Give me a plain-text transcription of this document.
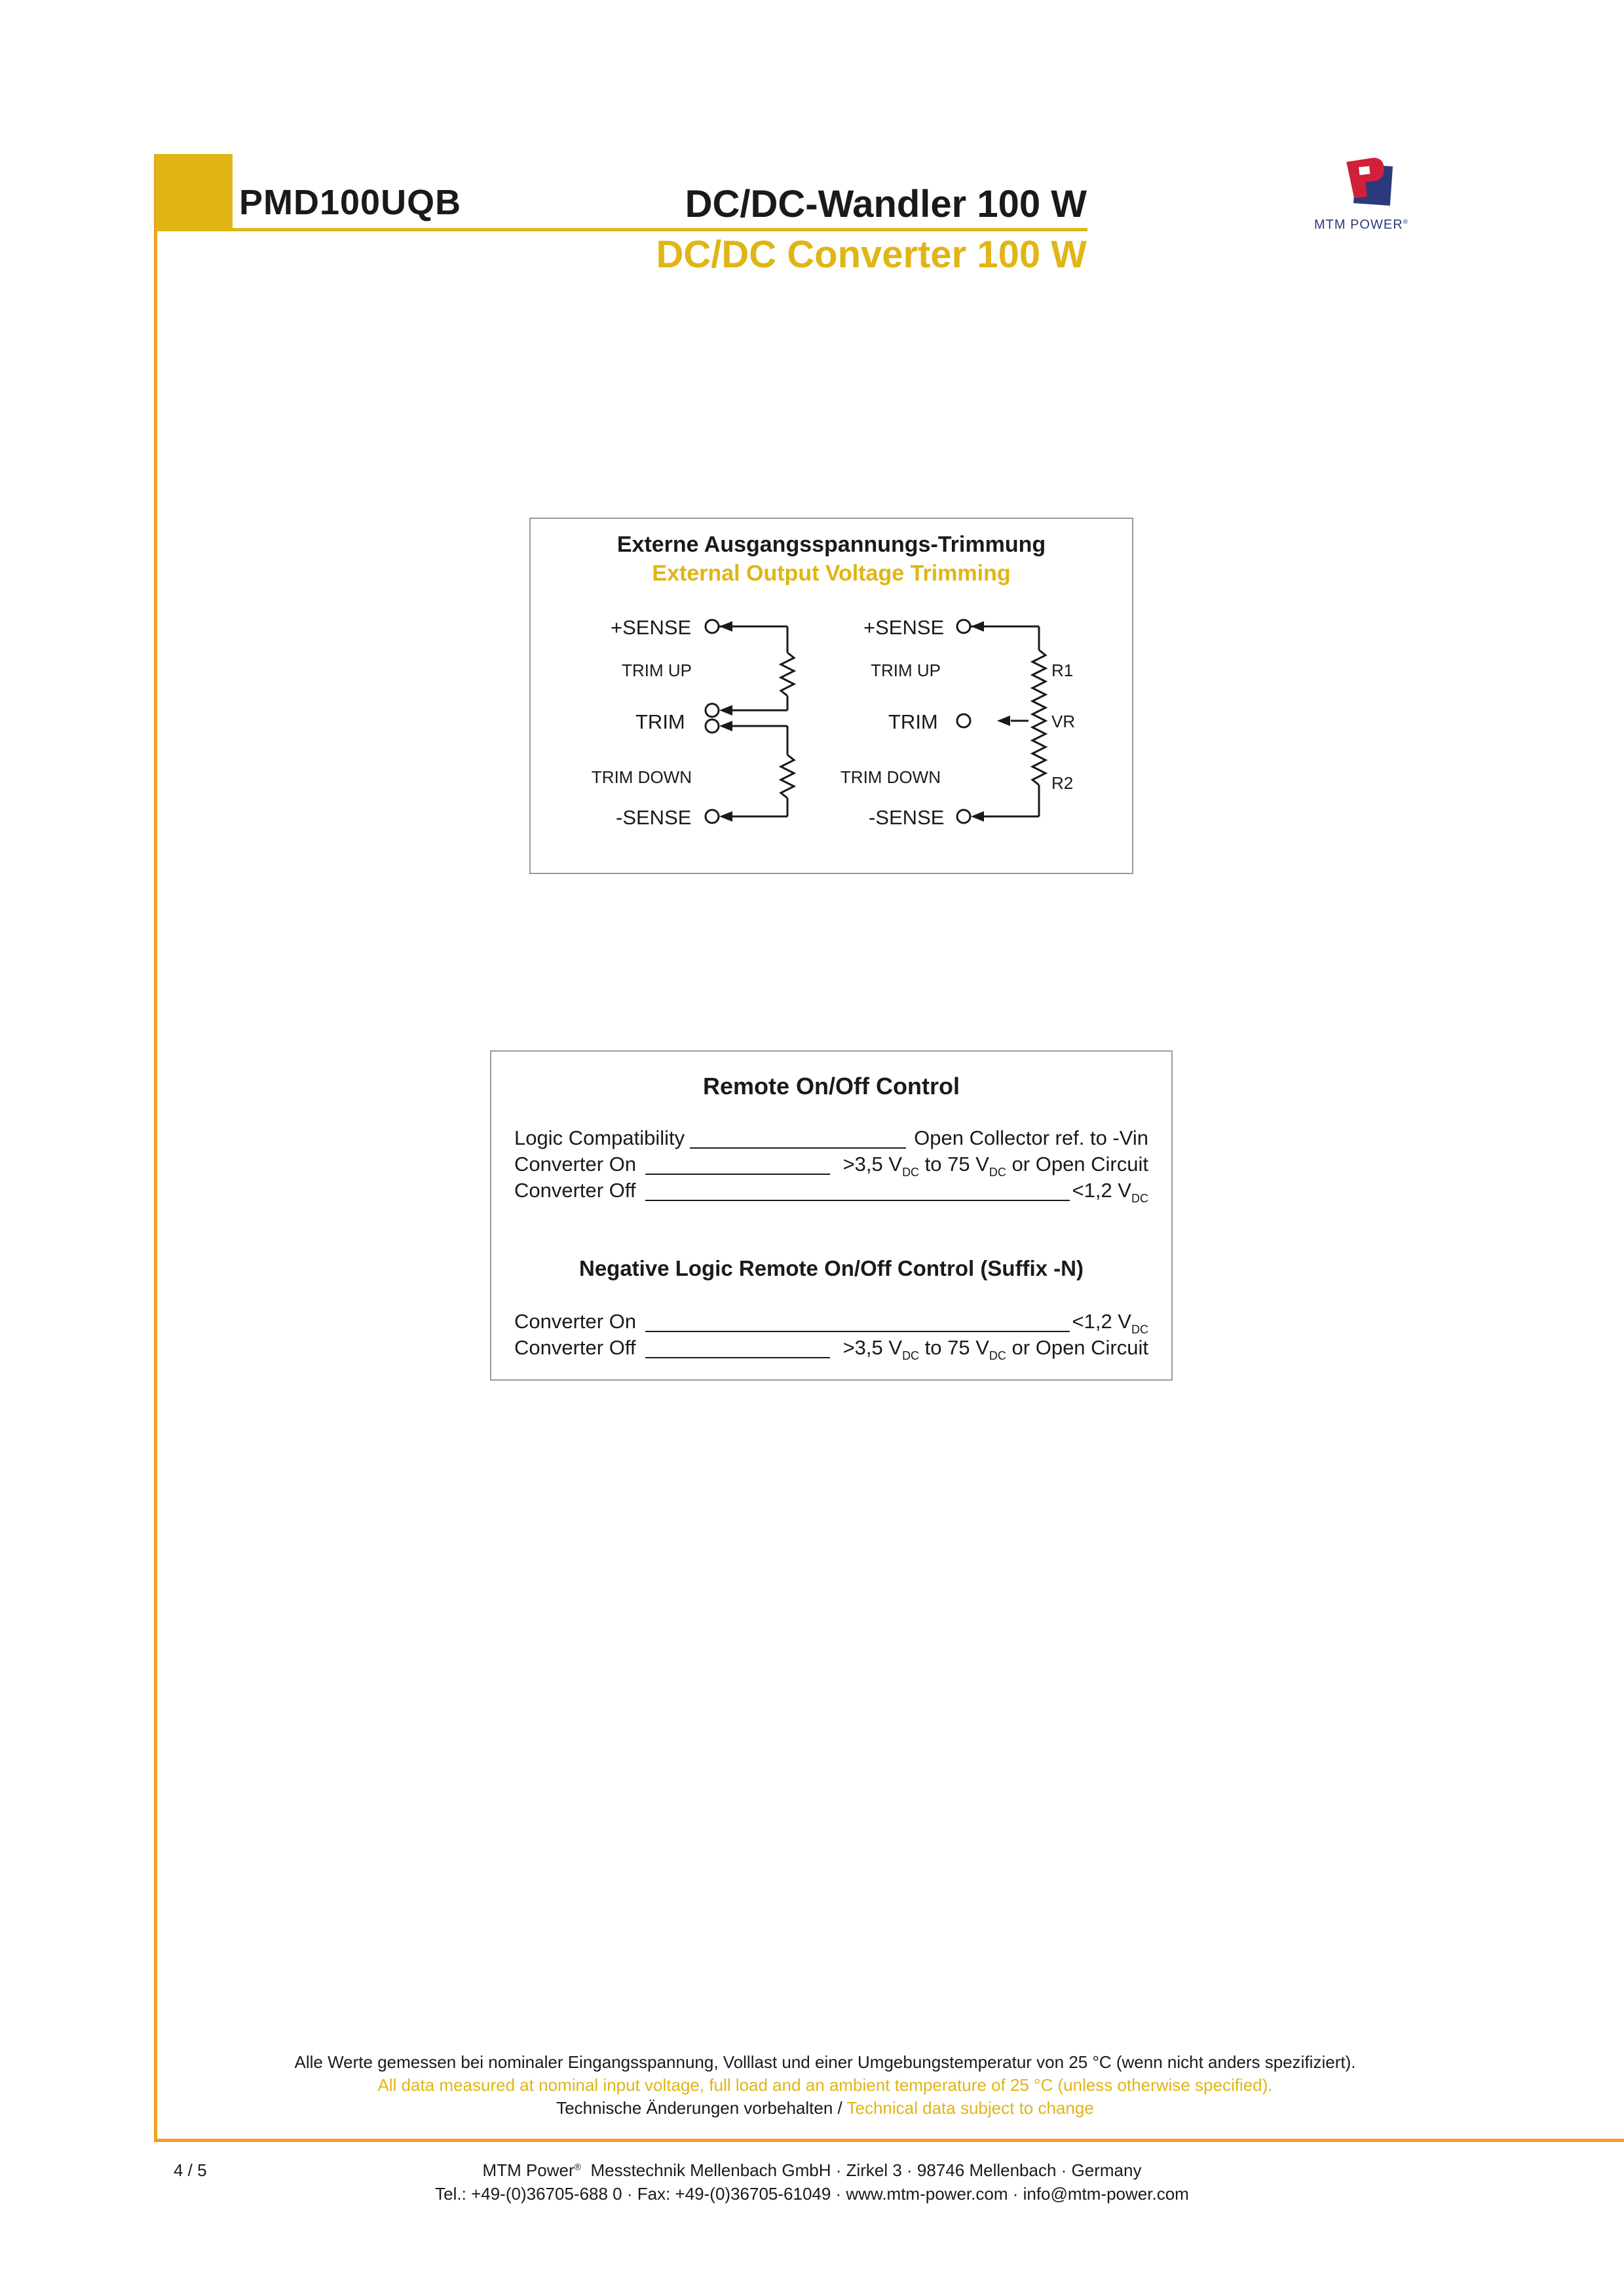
PMD100UQB	DC/DC-Wandler 100 W
DC/DC Converter 100 W
MTM POWER®
Externe Ausgangsspannungs-Trimmung
External Output Voltage Trimming
+SENSE
TRIM UP
TRIM
TRIM DOWN
-SENSE
+SENSE
TRIM UP
TRIM
TRIM DOWN
-SENSE
R1
VR
R2
Remote On/Off Control
Logic Compatibility	Open Collector ref. to -Vin
Converter On	>3,5 $V_{DC}$ to 75 $V_{DC}$ or Open Circuit
Converter Off	<1,2 $V_{DC}$
Negative Logic Remote On/Off Control (Suffix -N)
Converter On	<1,2 $V_{DC}$
Converter Off	>3,5 $V_{DC}$ to 75 $V_{DC}$ or Open Circuit
Alle Werte gemessen bei nominaler Eingangsspannung, Volllast und einer Umgebungstemperatur von 25 °C (wenn nicht anders spezifiziert).
All data measured at nominal input voltage, full load and an ambient temperature of 25 °C (unless otherwise specified).
Technische Änderungen vorbehalten / Technical data subject to change
4 / 5	MTM Power®  Messtechnik Mellenbach GmbH · Zirkel 3 · 98746 Mellenbach · Germany
Tel.: +49-(0)36705-688 0 · Fax: +49-(0)36705-61049 · www.mtm-power.com · info@mtm-power.com
